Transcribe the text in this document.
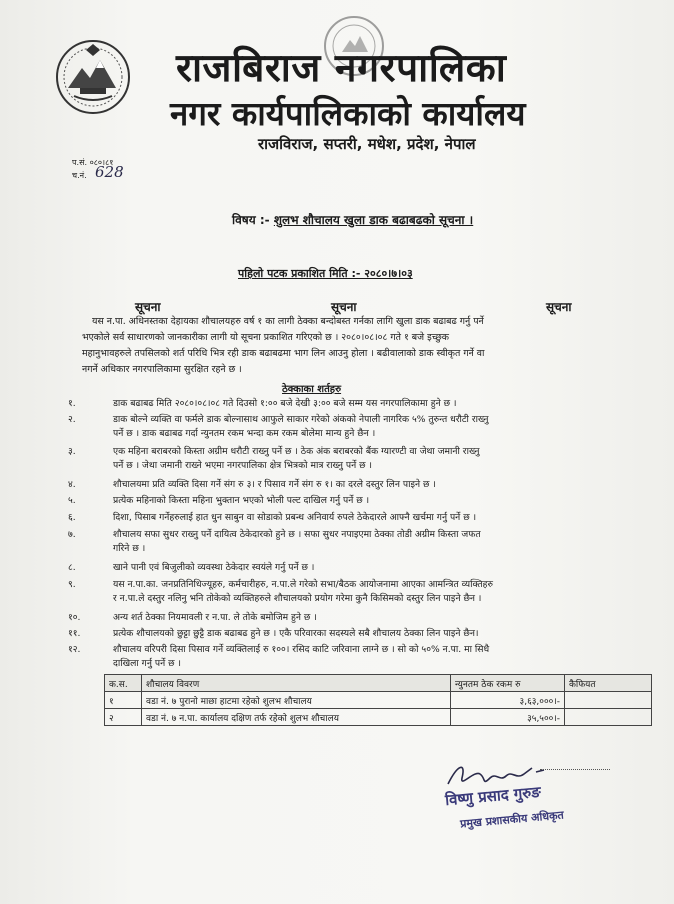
राजबिराज नगरपालिका
नगर कार्यपालिकाको कार्यालय
राजविराज, सप्तरी, मधेश, प्रदेश, नेपाल
प.सं. ०८०।८१
च.नं. 628
विषय :- शुलभ शौचालय खुला डाक बढाबढको सूचना ।
पहिलो पटक प्रकाशित मिति :- २०८०।७।०३
सूचना	सूचना	सूचना
यस न.पा. अधिनस्तका देहायका शौचालयहरु वर्ष १ का लागी ठेक्का बन्दोबस्त गर्नका लागि खुला डाक बढाबढ गर्नु पर्ने
भएकोले सर्व साधारणको जानकारीका लागी यो सूचना प्रकाशित गरिएको छ । २०८०।०८।०८ गते १ बजे इच्छुक
महानुभावहरुले तपसिलको शर्त परिधि भित्र रही डाक बढाबढमा भाग लिन आउनु होला । बढीवालाको डाक स्वीकृत गर्ने वा
नगर्ने अधिकार नगरपालिकामा सुरक्षित रहने छ ।
ठेक्काका शर्तहरु
१.	डाक बढाबढ मिति २०८०।०८।०८ गते दिउसो १:०० बजे देखी ३:०० बजे सम्म यस नगरपालिकामा हुने छ ।
२.	डाक बोल्ने व्यक्ति वा फर्मले डाक बोल्नासाथ आफुले साकार गरेको अंकको नेपाली नागरिक ५% तुरुन्त धरौटी राख्नु
पर्ने छ । डाक बढाबढ गर्दा न्युनतम रकम भन्दा कम रकम बोलेमा मान्य हुने छैन ।
३.	एक महिना बराबरको किस्ता अग्रीम धरौटी राख्नु पर्ने छ । ठेक अंक बराबरको बैंक ग्यारण्टी वा जेथा जमानी राख्नु
पर्ने छ । जेथा जमानी राख्ने भएमा नगरपालिका क्षेत्र भित्रको मात्र राख्नु पर्ने छ ।
४.	शौचालयमा प्रति व्यक्ति दिसा गर्ने संग रु ३। र पिसाव गर्ने संग रु १। का दरले दस्तुर लिन पाइने छ ।
५.	प्रत्येक महिनाको किस्ता महिना भुक्तान भएको भोली पल्ट दाखिल गर्नु पर्ने छ ।
६.	दिशा, पिसाब गर्नेहरुलाई हात धुन साबुन वा सोडाको प्रबन्ध अनिवार्य रुपले ठेकेदारले आफ्नै खर्चमा गर्नु पर्ने छ ।
७.	शौचालय सफा सुधर राख्नु पर्ने दायित्व ठेकेदारको हुने छ । सफा सुधर नपाइएमा ठेक्का तोडी अग्रीम किस्ता जफत
गरिने छ ।
८.	खाने पानी एवं बिजुलीको व्यवस्था ठेकेदार स्वयंले गर्नु पर्ने छ ।
९.	यस न.पा.का. जनप्रतिनिधिज्यूहरु, कर्मचारीहरु, न.पा.ले गरेको सभा/बैठक आयोजनामा आएका आमन्त्रित व्यक्तिहरु
र न.पा.ले दस्तुर नलिनु भनि तोकेको व्यक्तिहरुले शौचालयको प्रयोग गरेमा कुनै किसिमको दस्तुर लिन पाइने छैन ।
१०.	अन्य शर्त ठेक्का नियमावली र न.पा. ले तोके बमोजिम हुने छ ।
११.	प्रत्येक शौचालयको छुट्टा छुट्टै डाक बढाबढ हुने छ । एकै परिवारका सदस्यले सबै शौचालय ठेक्का लिन पाइने छैन।
१२.	शौचालय वरिपरी दिसा पिसाव गर्ने व्यक्तिलाई रु १००। रसिद काटि जरिवाना लाग्ने छ । सो को ५०% न.पा. मा सिधै
दाखिला गर्नु पर्ने छ ।
क.स.	शौचालय विवरण	न्युनतम ठेक रकम रु	कैफियत
१	वडा नं. ७ पुरानो माछा हाटमा रहेको शुलभ शौचालय	३,६३,०००।-	
२	वडा नं. ७ न.पा. कार्यालय दक्षिण तर्फ रहेको शुलभ शौचालय	३५,५००।-	
विष्णु प्रसाद गुरुङ
प्रमुख प्रशासकीय अधिकृत
